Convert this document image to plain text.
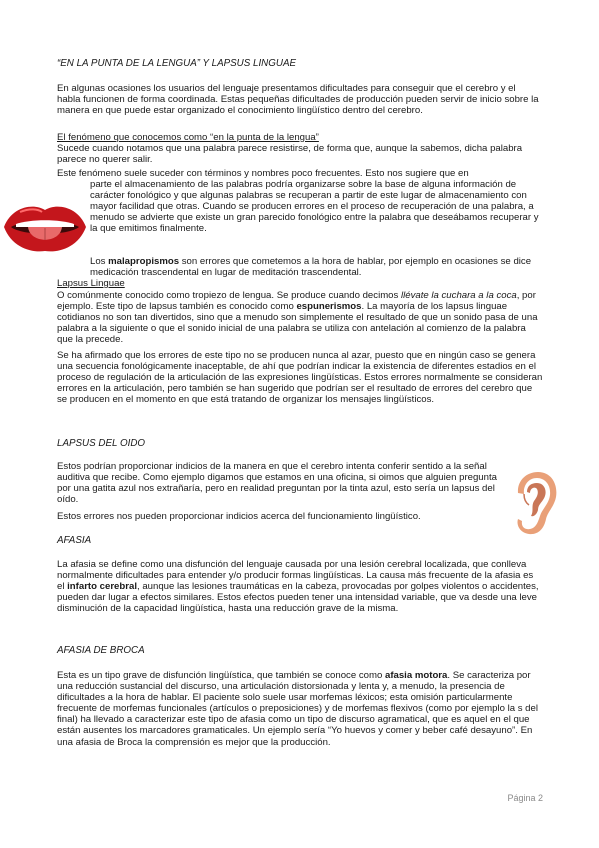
“EN LA PUNTA DE LA LENGUA” Y LAPSUS LINGUAE

En algunas ocasiones los usuarios del lenguaje presentamos dificultades para conseguir que el cerebro y el habla funcionen de forma coordinada. Estas pequeñas dificultades de producción pueden servir de inicio sobre la manera en que puede estar organizado el conocimiento lingüístico dentro del cerebro.

El fenómeno que conocemos como “en la punta de la lengua”

Sucede cuando notamos que una palabra parece resistirse, de forma que, aunque la sabemos, dicha palabra parece no querer salir.

Este fenómeno suele suceder con términos y nombres poco frecuentes. Esto nos sugiere que en

parte el almacenamiento de las palabras podría organizarse sobre la base de alguna información de carácter fonológico y que algunas palabras se recuperan a partir de este lugar de almacenamiento con mayor facilidad que otras. Cuando se producen errores en el proceso de recuperación de una palabra, a menudo se advierte que existe un gran parecido fonológico entre la palabra que deseábamos recuperar y la que emitimos finalmente.

Los malapropismos son errores que cometemos a la hora de hablar, por ejemplo en ocasiones se dice medicación trascendental en lugar de meditación trascendental.

Lapsus Linguae

O comúnmente conocido como tropiezo de lengua. Se produce cuando decimos llévate la cuchara a la coca, por ejemplo. Este tipo de lapsus también es conocido como espunerismos. La mayoría de los lapsus linguae cotidianos no son tan divertidos, sino que a menudo son simplemente el resultado de que un sonido pasa de una palabra a la siguiente o que el sonido inicial de una palabra se utiliza con antelación al comienzo de la palabra que la precede.

Se ha afirmado que los errores de este tipo no se producen nunca al azar, puesto que en ningún caso se genera una secuencia fonológicamente inaceptable, de ahí que podrían indicar la existencia de diferentes estadios en el proceso de regulación de la articulación de las expresiones lingüísticas. Estos errores normalmente se consideran errores en la articulación, pero también se han sugerido que podrían ser el resultado de errores del cerebro que se producen en el momento en que está tratando de organizar los mensajes lingüísticos.

LAPSUS DEL OIDO

Estos podrían proporcionar indicios de la manera en que el cerebro intenta conferir sentido a la señal auditiva que recibe. Como ejemplo digamos que estamos en una oficina, si oimos que alguien pregunta por una gatita azul nos extrañaría, pero en realidad preguntan por la tinta azul, esto sería un lapsus del oído.

Estos errores nos pueden proporcionar indicios acerca del funcionamiento lingüístico.

AFASIA

La afasia se define como una disfunción del lenguaje causada por una lesión cerebral localizada, que conlleva normalmente dificultades para entender y/o producir formas lingüísticas. La causa más frecuente de la afasia es el infarto cerebral, aunque las lesiones traumáticas en la cabeza, provocadas por golpes violentos o accidentes, pueden dar lugar a efectos similares. Estos efectos pueden tener una intensidad variable, que va desde una leve disminución de la capacidad lingüística, hasta una reducción grave de la misma.

AFASIA DE BROCA

Esta es un tipo grave de disfunción lingüística, que también se conoce como afasia motora. Se caracteriza por una reducción sustancial del discurso, una articulación distorsionada y lenta y, a menudo, la presencia de dificultades a la hora de hablar. El paciente solo suele usar morfemas léxicos; esta omisión particularmente frecuente de morfemas funcionales (artículos o preposiciones) y de morfemas flexivos (como por ejemplo la s del final) ha llevado a caracterizar este tipo de afasia como un tipo de discurso agramatical, que es aquel en el que están ausentes los marcadores gramaticales. Un ejemplo sería “Yo huevos y comer y beber café desayuno”. En una afasia de Broca la comprensión es mejor que la producción.

Página 2
